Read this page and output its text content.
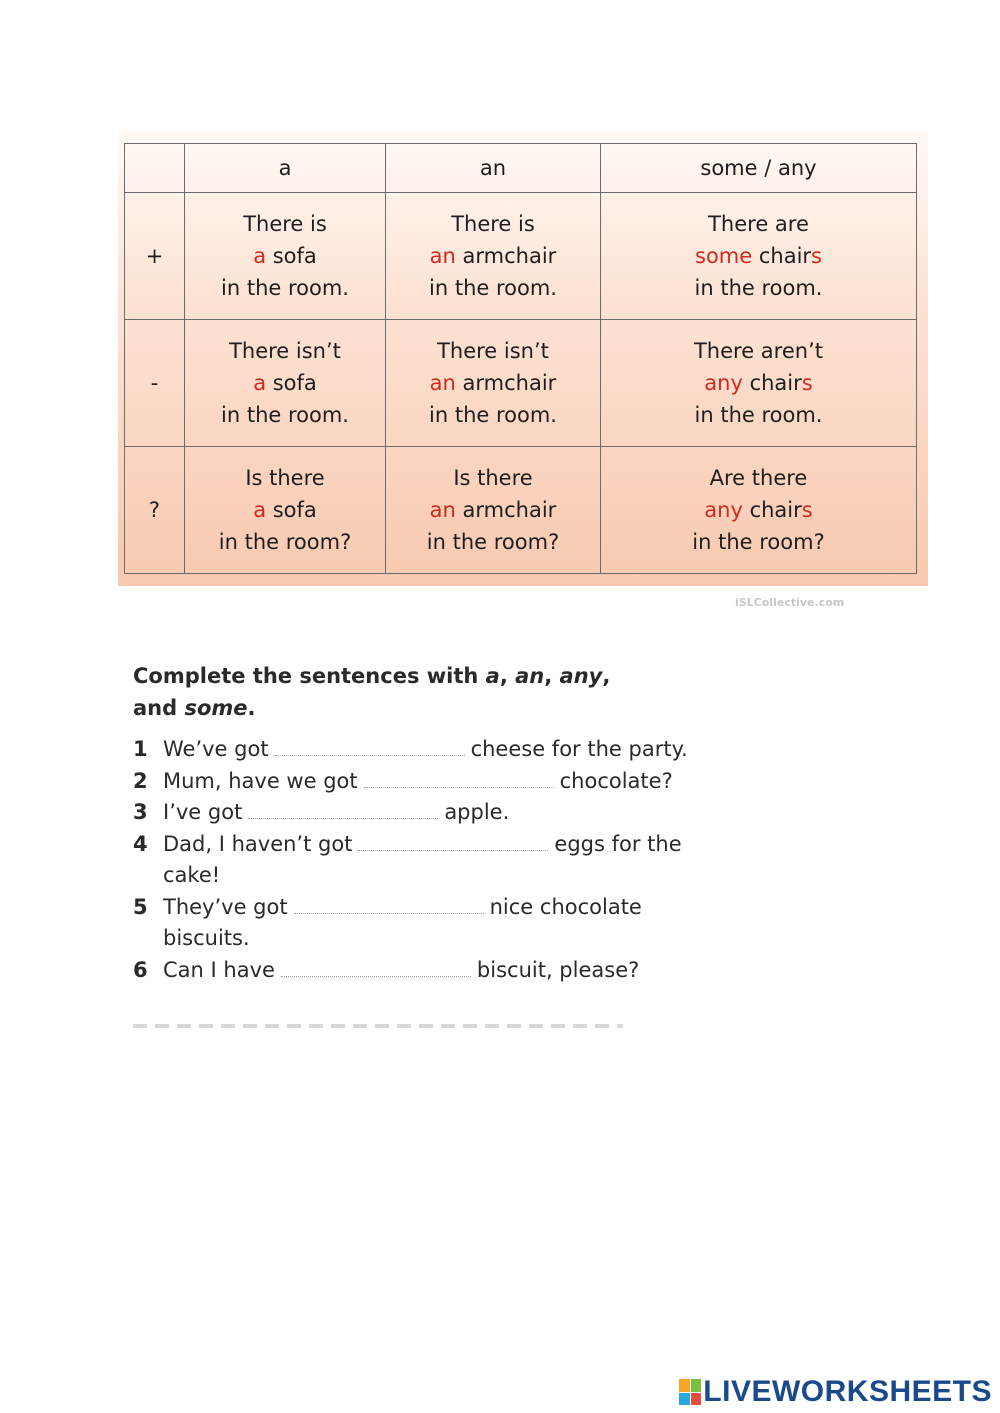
	a	an	some / any
+	There is
a sofa
in the room.	There is
an armchair
in the room.	There are
some chairs
in the room.

-	There isn’t
a sofa
in the room.	There isn’t
an armchair
in the room.	There aren’t
any chairs
in the room.

?	Is there
a sofa
in the room?	Is there
an armchair
in the room?	Are there
any chairs
in the room?
iSLCollective.com
Complete the sentences with a, an, any,
and some.
1 We’ve got	cheese for the party.
2 Mum, have we got	chocolate?
3 I’ve got	apple.
4 Dad, I haven’t got	eggs for the cake!
5 They’ve got	nice chocolate biscuits.
6 Can I have	biscuit, please?
LIVEWORKSHEETS
